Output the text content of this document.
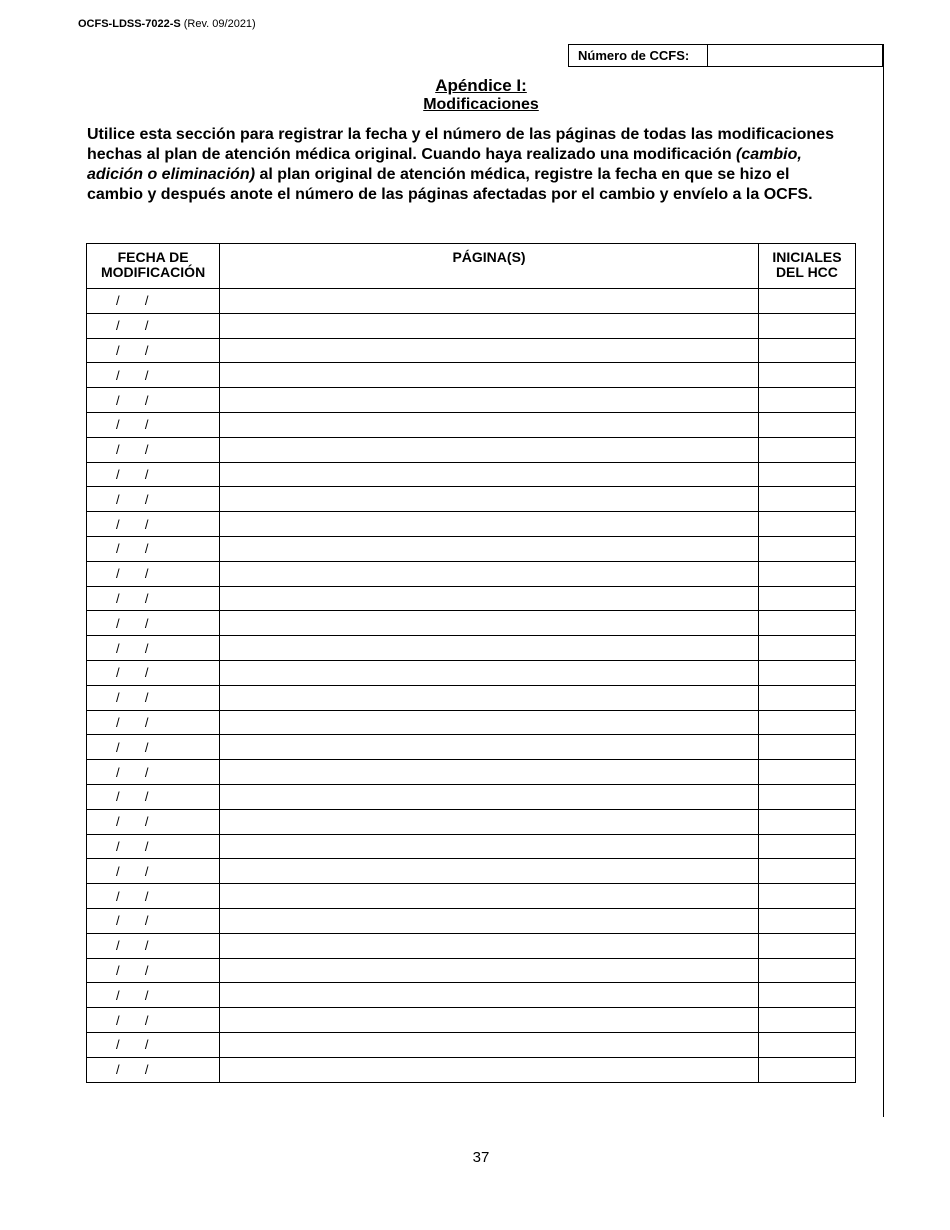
OCFS-LDSS-7022-S (Rev. 09/2021)
Número de CCFS:
Apéndice I:
Modificaciones
Utilice esta sección para registrar la fecha y el número de las páginas de todas las modificaciones hechas al plan de atención médica original. Cuando haya realizado una modificación (cambio, adición o eliminación) al plan original de atención médica, registre la fecha en que se hizo el cambio y después anote el número de las páginas afectadas por el cambio y envíelo a la OCFS.
FECHA DE MODIFICACIÓN	PÁGINA(S)	INICIALES DEL HCC
/       /		
/       /		
/       /		
/       /		
/       /		
/       /		
/       /		
/       /		
/       /		
/       /		
/       /		
/       /		
/       /		
/       /		
/       /		
/       /		
/       /		
/       /		
/       /		
/       /		
/       /		
/       /		
/       /		
/       /		
/       /		
/       /		
/       /		
/       /		
/       /		
/       /		
/       /		
/       /		
37
